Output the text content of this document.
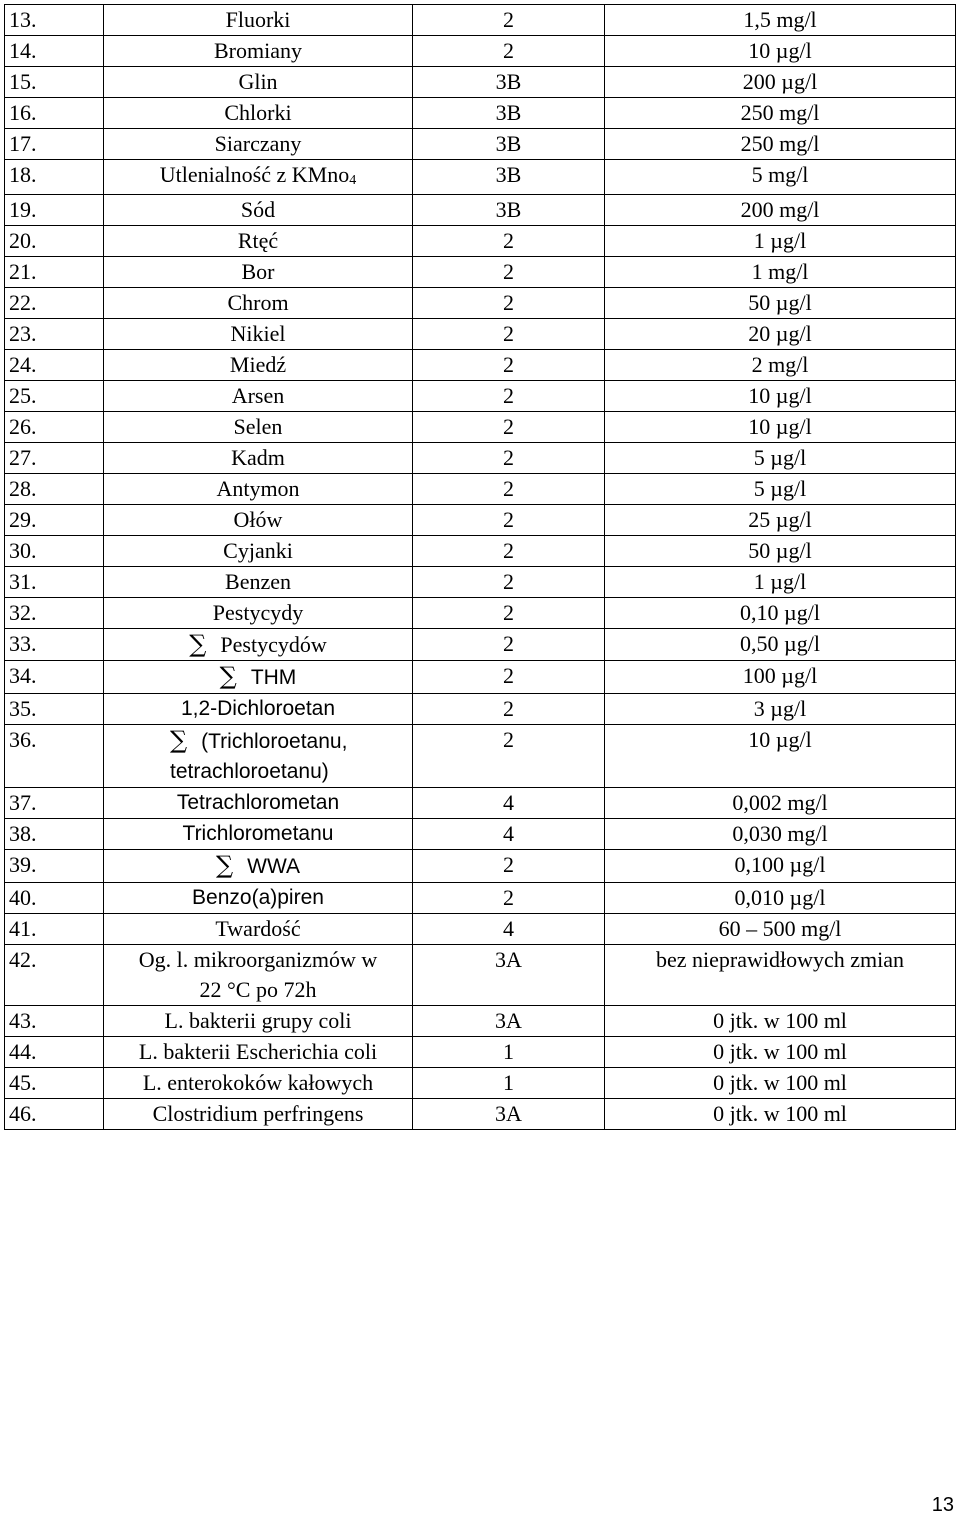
13.	Fluorki	2	1,5 mg/l
14.	Bromiany	2	10 µg/l
15.	Glin	3B	200 µg/l
16.	Chlorki	3B	250 mg/l
17.	Siarczany	3B	250 mg/l
18.	Utlenialność z KMno$_4$	3B	5 mg/l
19.	Sód	3B	200 mg/l
20.	Rtęć	2	1 µg/l
21.	Bor	2	1 mg/l
22.	Chrom	2	50 µg/l
23.	Nikiel	2	20 µg/l
24.	Miedź	2	2 mg/l
25.	Arsen	2	10 µg/l
26.	Selen	2	10 µg/l
27.	Kadm	2	5 µg/l
28.	Antymon	2	5 µg/l
29.	Ołów	2	25 µg/l
30.	Cyjanki	2	50 µg/l
31.	Benzen	2	1 µg/l
32.	Pestycydy	2	0,10 µg/l
33.	∑ Pestycydów	2	0,50 µg/l
34.	∑ THM	2	100 µg/l
35.	1,2-Dichloroetan	2	3 µg/l
36.	∑ (Trichloroetanu,
tetrachloroetanu)	2	10 µg/l
37.	Tetrachlorometan	4	0,002 mg/l
38.	Trichlorometanu	4	0,030 mg/l
39.	∑ WWA	2	0,100 µg/l
40.	Benzo(a)piren	2	0,010 µg/l
41.	Twardość	4	60 – 500 mg/l
42.	Og. l. mikroorganizmów w
22 °C po 72h	3A	bez nieprawidłowych zmian
43.	L. bakterii grupy coli	3A	0 jtk. w 100 ml
44.	L. bakterii Escherichia coli	1	0 jtk. w 100 ml
45.	L. enterokoków kałowych	1	0 jtk. w 100 ml
46.	Clostridium perfringens	3A	0 jtk. w 100 ml
13
